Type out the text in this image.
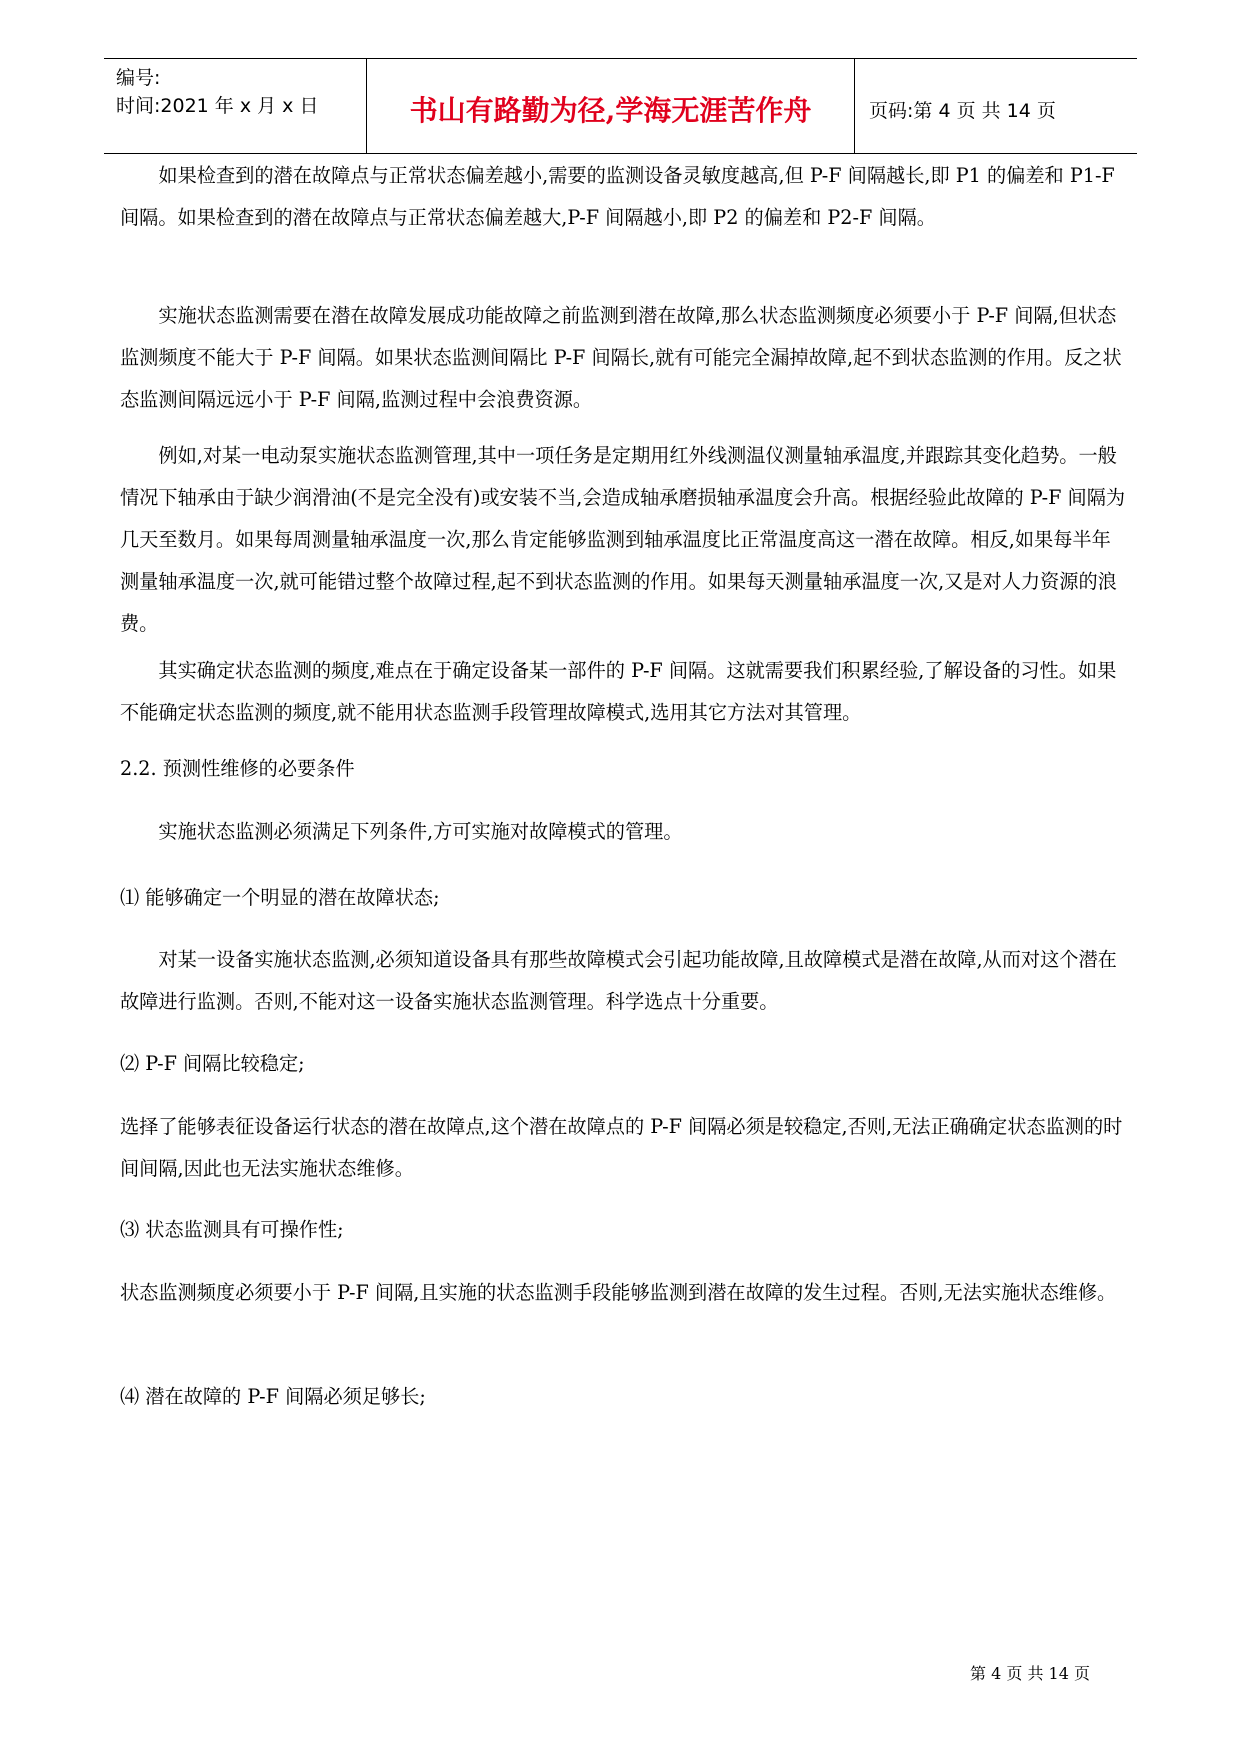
编号:
时间:2021 年 x 月 x 日	书山有路勤为径,学海无涯苦作舟	页码:第 4 页 共 14 页

如果检查到的潜在故障点与正常状态偏差越小,需要的监测设备灵敏度越高,但 P-F 间隔越长,即 P1 的偏差和 P1-F 间隔。如果检查到的潜在故障点与正常状态偏差越大,P-F 间隔越小,即 P2 的偏差和 P2-F 间隔。

实施状态监测需要在潜在故障发展成功能故障之前监测到潜在故障,那么状态监测频度必须要小于 P-F 间隔,但状态监测频度不能大于 P-F 间隔。如果状态监测间隔比 P-F 间隔长,就有可能完全漏掉故障,起不到状态监测的作用。反之状态监测间隔远远小于 P-F 间隔,监测过程中会浪费资源。

例如,对某一电动泵实施状态监测管理,其中一项任务是定期用红外线测温仪测量轴承温度,并跟踪其变化趋势。一般情况下轴承由于缺少润滑油(不是完全没有)或安装不当,会造成轴承磨损轴承温度会升高。根据经验此故障的 P-F 间隔为几天至数月。如果每周测量轴承温度一次,那么肯定能够监测到轴承温度比正常温度高这一潜在故障。相反,如果每半年测量轴承温度一次,就可能错过整个故障过程,起不到状态监测的作用。如果每天测量轴承温度一次,又是对人力资源的浪费。

其实确定状态监测的频度,难点在于确定设备某一部件的 P-F 间隔。这就需要我们积累经验,了解设备的习性。如果不能确定状态监测的频度,就不能用状态监测手段管理故障模式,选用其它方法对其管理。

2.2. 预测性维修的必要条件

实施状态监测必须满足下列条件,方可实施对故障模式的管理。

⑴ 能够确定一个明显的潜在故障状态;

对某一设备实施状态监测,必须知道设备具有那些故障模式会引起功能故障,且故障模式是潜在故障,从而对这个潜在故障进行监测。否则,不能对这一设备实施状态监测管理。科学选点十分重要。

⑵ P-F 间隔比较稳定;

选择了能够表征设备运行状态的潜在故障点,这个潜在故障点的 P-F 间隔必须是较稳定,否则,无法正确确定状态监测的时间间隔,因此也无法实施状态维修。

⑶ 状态监测具有可操作性;

状态监测频度必须要小于 P-F 间隔,且实施的状态监测手段能够监测到潜在故障的发生过程。否则,无法实施状态维修。

⑷ 潜在故障的 P-F 间隔必须足够长;

第 4 页 共 14 页
